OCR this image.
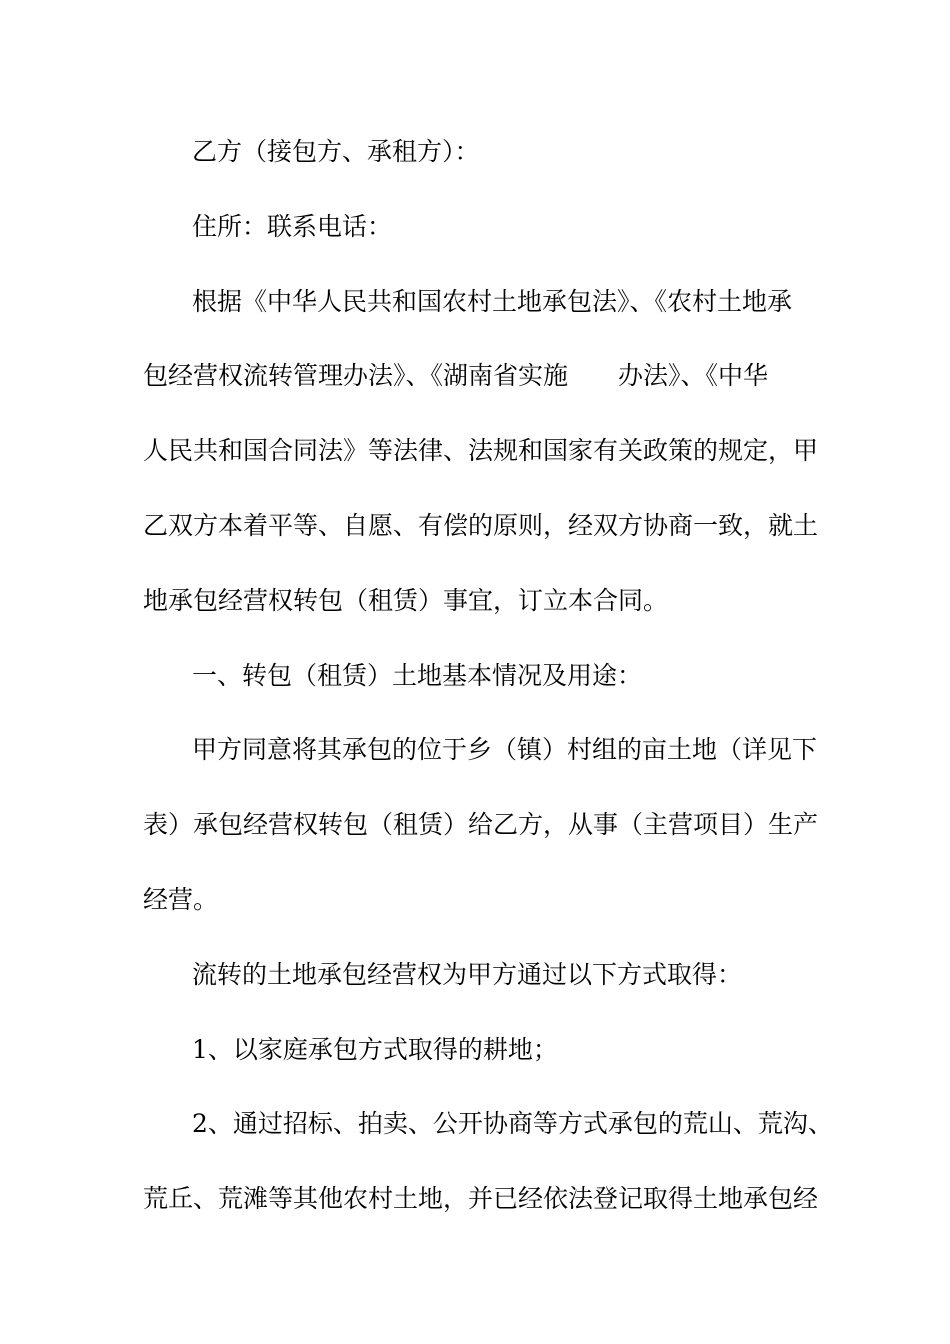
乙方（接包方、承租方）：
住所：联系电话：
根据《中华人民共和国农村土地承包法》、《农村土地承
包经营权流转管理办法》、《湖南省实施　　办法》、《中华
人民共和国合同法》等法律、法规和国家有关政策的规定，甲
乙双方本着平等、自愿、有偿的原则，经双方协商一致，就土
地承包经营权转包（租赁）事宜，订立本合同。
一、转包（租赁）土地基本情况及用途：
甲方同意将其承包的位于乡（镇）村组的亩土地（详见下
表）承包经营权转包（租赁）给乙方，从事（主营项目）生产
经营。
流转的土地承包经营权为甲方通过以下方式取得：
1、以家庭承包方式取得的耕地；
2、通过招标、拍卖、公开协商等方式承包的荒山、荒沟、
荒丘、荒滩等其他农村土地，并已经依法登记取得土地承包经
